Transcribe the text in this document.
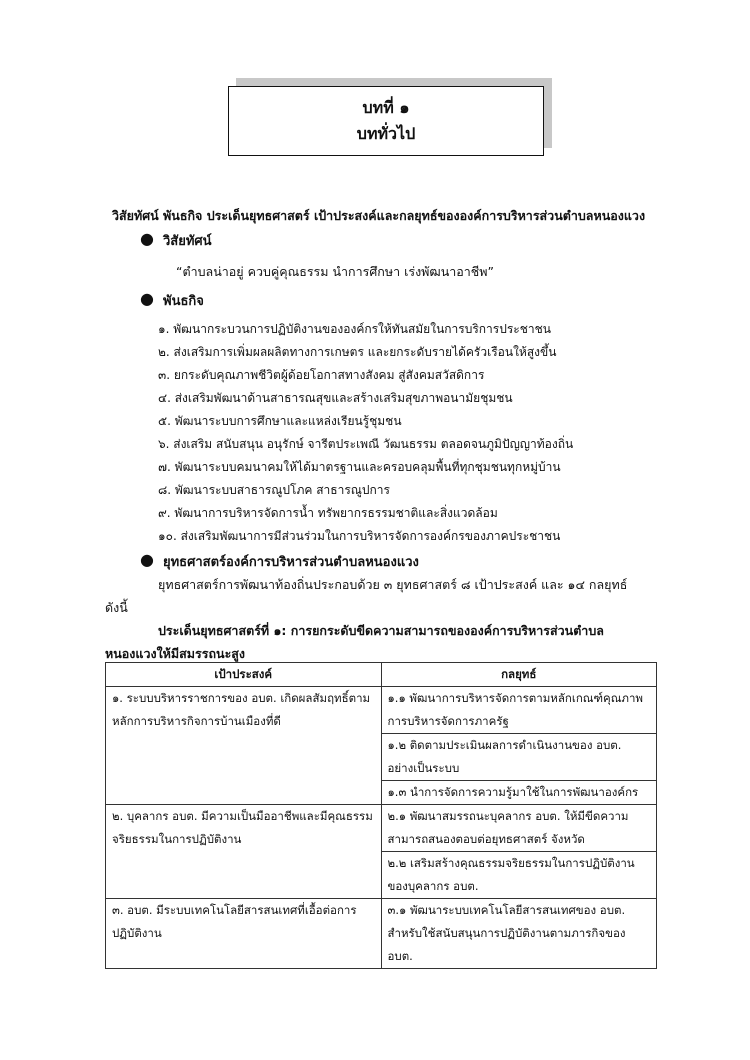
บทที่ ๑
บททั่วไป
วิสัยทัศน์ พันธกิจ ประเด็นยุทธศาสตร์ เป้าประสงค์และกลยุทธ์ขององค์การบริหารส่วนตำบลหนองแวง
● วิสัยทัศน์
“ตำบลน่าอยู่ ควบคู่คุณธรรม นำการศึกษา เร่งพัฒนาอาชีพ”
● พันธกิจ
๑. พัฒนากระบวนการปฏิบัติงานขององค์กรให้ทันสมัยในการบริการประชาชน
๒. ส่งเสริมการเพิ่มผลผลิตทางการเกษตร และยกระดับรายได้ครัวเรือนให้สูงขึ้น
๓. ยกระดับคุณภาพชีวิตผู้ด้อยโอกาสทางสังคม สู่สังคมสวัสดิการ
๔. ส่งเสริมพัฒนาด้านสาธารณสุขและสร้างเสริมสุขภาพอนามัยชุมชน
๕. พัฒนาระบบการศึกษาและแหล่งเรียนรู้ชุมชน
๖. ส่งเสริม สนับสนุน อนุรักษ์ จารีตประเพณี วัฒนธรรม ตลอดจนภูมิปัญญาท้องถิ่น
๗. พัฒนาระบบคมนาคมให้ได้มาตรฐานและครอบคลุมพื้นที่ทุกชุมชนทุกหมู่บ้าน
๘. พัฒนาระบบสาธารณูปโภค สาธารณูปการ
๙. พัฒนาการบริหารจัดการน้ำ ทรัพยากรธรรมชาติและสิ่งแวดล้อม
๑๐. ส่งเสริมพัฒนาการมีส่วนร่วมในการบริหารจัดการองค์กรของภาคประชาชน
● ยุทธศาสตร์องค์การบริหารส่วนตำบลหนองแวง
ยุทธศาสตร์การพัฒนาท้องถิ่นประกอบด้วย ๓ ยุทธศาสตร์ ๘ เป้าประสงค์ และ ๑๔ กลยุทธ์
ดังนี้
ประเด็นยุทธศาสตร์ที่ ๑: การยกระดับขีดความสามารถขององค์การบริหารส่วนตำบล
หนองแวงให้มีสมรรถนะสูง
เป้าประสงค์	กลยุทธ์
๑. ระบบบริหารราชการของ อบต. เกิดผลสัมฤทธิ์ตามหลักการบริหารกิจการบ้านเมืองที่ดี	๑.๑ พัฒนาการบริหารจัดการตามหลักเกณฑ์คุณภาพการบริหารจัดการภาครัฐ
	๑.๒ ติดตามประเมินผลการดำเนินงานของ อบต. อย่างเป็นระบบ
	๑.๓ นำการจัดการความรู้มาใช้ในการพัฒนาองค์กร
๒. บุคลากร อบต. มีความเป็นมืออาชีพและมีคุณธรรมจริยธรรมในการปฏิบัติงาน	๒.๑ พัฒนาสมรรถนะบุคลากร อบต. ให้มีขีดความสามารถสนองตอบต่อยุทธศาสตร์ จังหวัด
	๒.๒ เสริมสร้างคุณธรรมจริยธรรมในการปฏิบัติงานของบุคลากร อบต.
๓. อบต. มีระบบเทคโนโลยีสารสนเทศที่เอื้อต่อการปฏิบัติงาน	๓.๑ พัฒนาระบบเทคโนโลยีสารสนเทศของ อบต. สำหรับใช้สนับสนุนการปฏิบัติงานตามภารกิจของ อบต.
